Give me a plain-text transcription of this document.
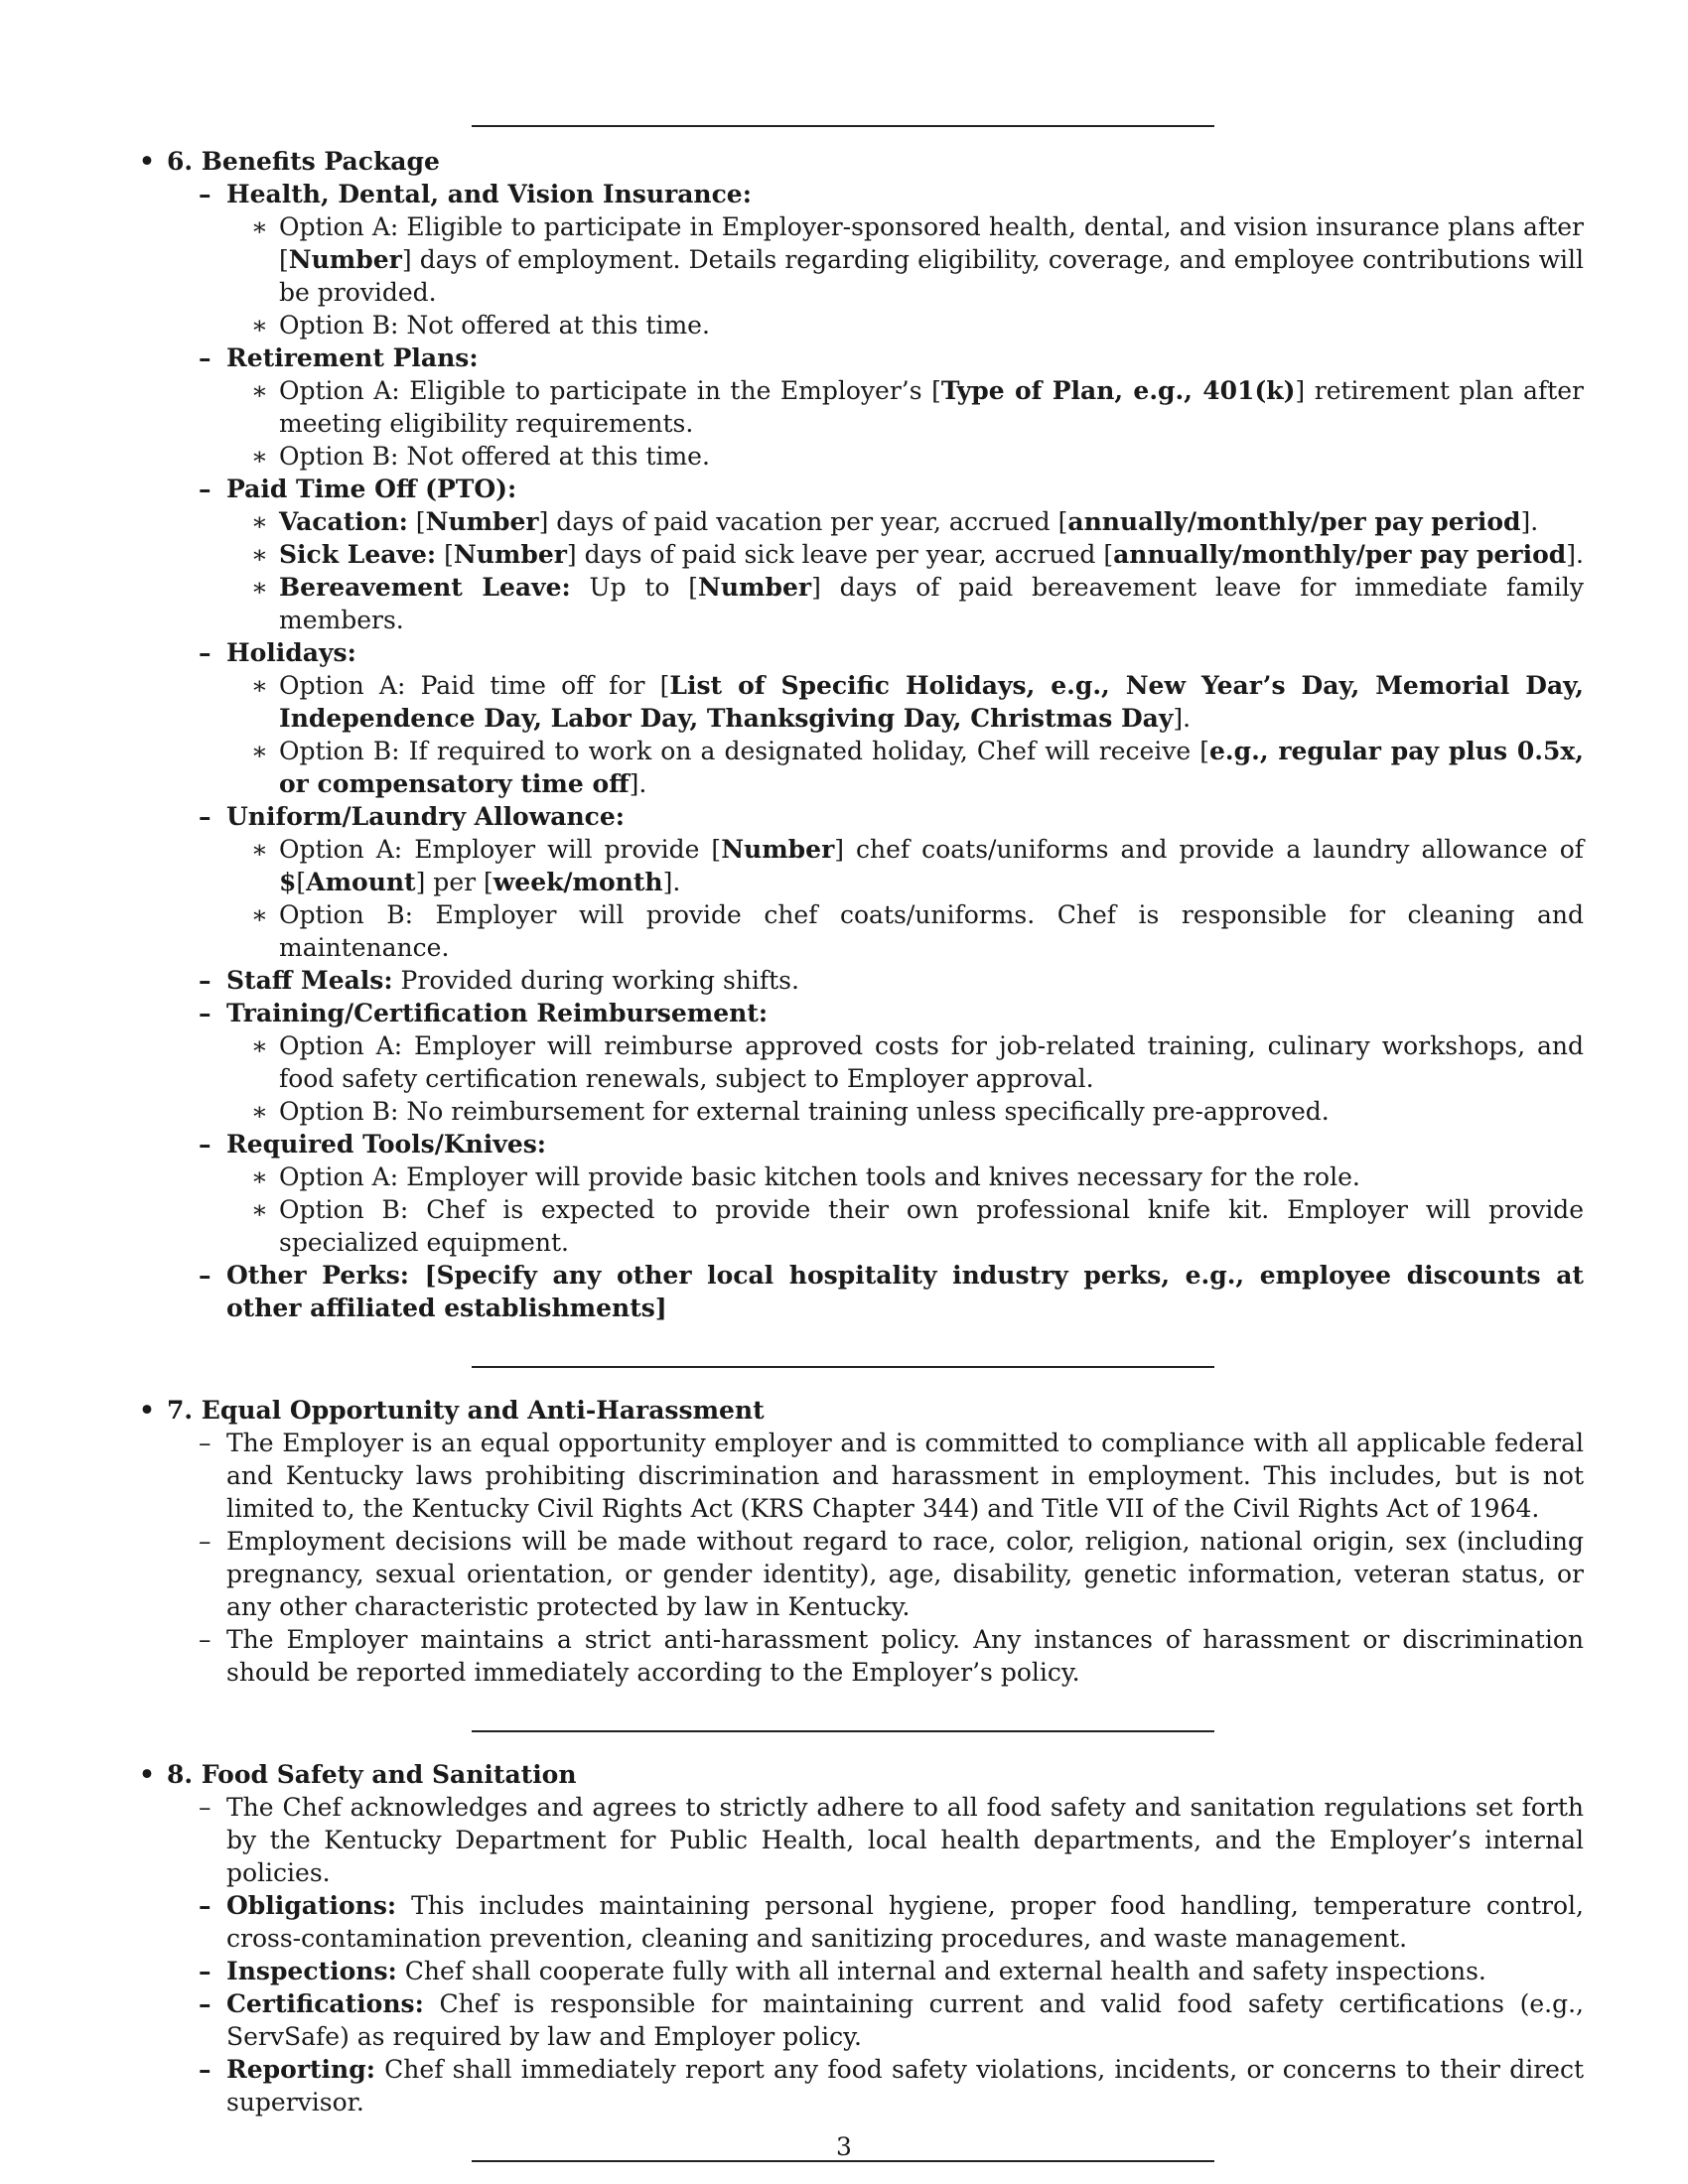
• 6. Benefits Package
– Health, Dental, and Vision Insurance:
∗ Option A: Eligible to participate in Employer-sponsored health, dental, and vision insurance plans after [Number] days of employment. Details regarding eligibility, coverage, and employee contributions will be provided.
∗ Option B: Not offered at this time.
– Retirement Plans:
∗ Option A: Eligible to participate in the Employer’s [Type of Plan, e.g., 401(k)] retirement plan after meeting eligibility requirements.
∗ Option B: Not offered at this time.
– Paid Time Off (PTO):
∗ Vacation: [Number] days of paid vacation per year, accrued [annually/monthly/per pay period].
∗ Sick Leave: [Number] days of paid sick leave per year, accrued [annually/monthly/per pay period].
∗ Bereavement Leave: Up to [Number] days of paid bereavement leave for immediate family members.
– Holidays:
∗ Option A: Paid time off for [List of Specific Holidays, e.g., New Year’s Day, Memorial Day, Independence Day, Labor Day, Thanksgiving Day, Christmas Day].
∗ Option B: If required to work on a designated holiday, Chef will receive [e.g., regular pay plus 0.5x, or compensatory time off].
– Uniform/Laundry Allowance:
∗ Option A: Employer will provide [Number] chef coats/uniforms and provide a laundry allowance of $[Amount] per [week/month].
∗ Option B: Employer will provide chef coats/uniforms. Chef is responsible for cleaning and maintenance.
– Staff Meals: Provided during working shifts.
– Training/Certification Reimbursement:
∗ Option A: Employer will reimburse approved costs for job-related training, culinary workshops, and food safety certification renewals, subject to Employer approval.
∗ Option B: No reimbursement for external training unless specifically pre-approved.
– Required Tools/Knives:
∗ Option A: Employer will provide basic kitchen tools and knives necessary for the role.
∗ Option B: Chef is expected to provide their own professional knife kit. Employer will provide specialized equipment.
– Other Perks: [Specify any other local hospitality industry perks, e.g., employee discounts at other affiliated establishments]
• 7. Equal Opportunity and Anti-Harassment
– The Employer is an equal opportunity employer and is committed to compliance with all applicable federal and Kentucky laws prohibiting discrimination and harassment in employment. This includes, but is not limited to, the Kentucky Civil Rights Act (KRS Chapter 344) and Title VII of the Civil Rights Act of 1964.
– Employment decisions will be made without regard to race, color, religion, national origin, sex (including pregnancy, sexual orientation, or gender identity), age, disability, genetic information, veteran status, or any other characteristic protected by law in Kentucky.
– The Employer maintains a strict anti-harassment policy. Any instances of harassment or discrimination should be reported immediately according to the Employer’s policy.
• 8. Food Safety and Sanitation
– The Chef acknowledges and agrees to strictly adhere to all food safety and sanitation regulations set forth by the Kentucky Department for Public Health, local health departments, and the Employer’s internal policies.
– Obligations: This includes maintaining personal hygiene, proper food handling, temperature control, cross-contamination prevention, cleaning and sanitizing procedures, and waste management.
– Inspections: Chef shall cooperate fully with all internal and external health and safety inspections.
– Certifications: Chef is responsible for maintaining current and valid food safety certifications (e.g., ServSafe) as required by law and Employer policy.
– Reporting: Chef shall immediately report any food safety violations, incidents, or concerns to their direct supervisor.
3
